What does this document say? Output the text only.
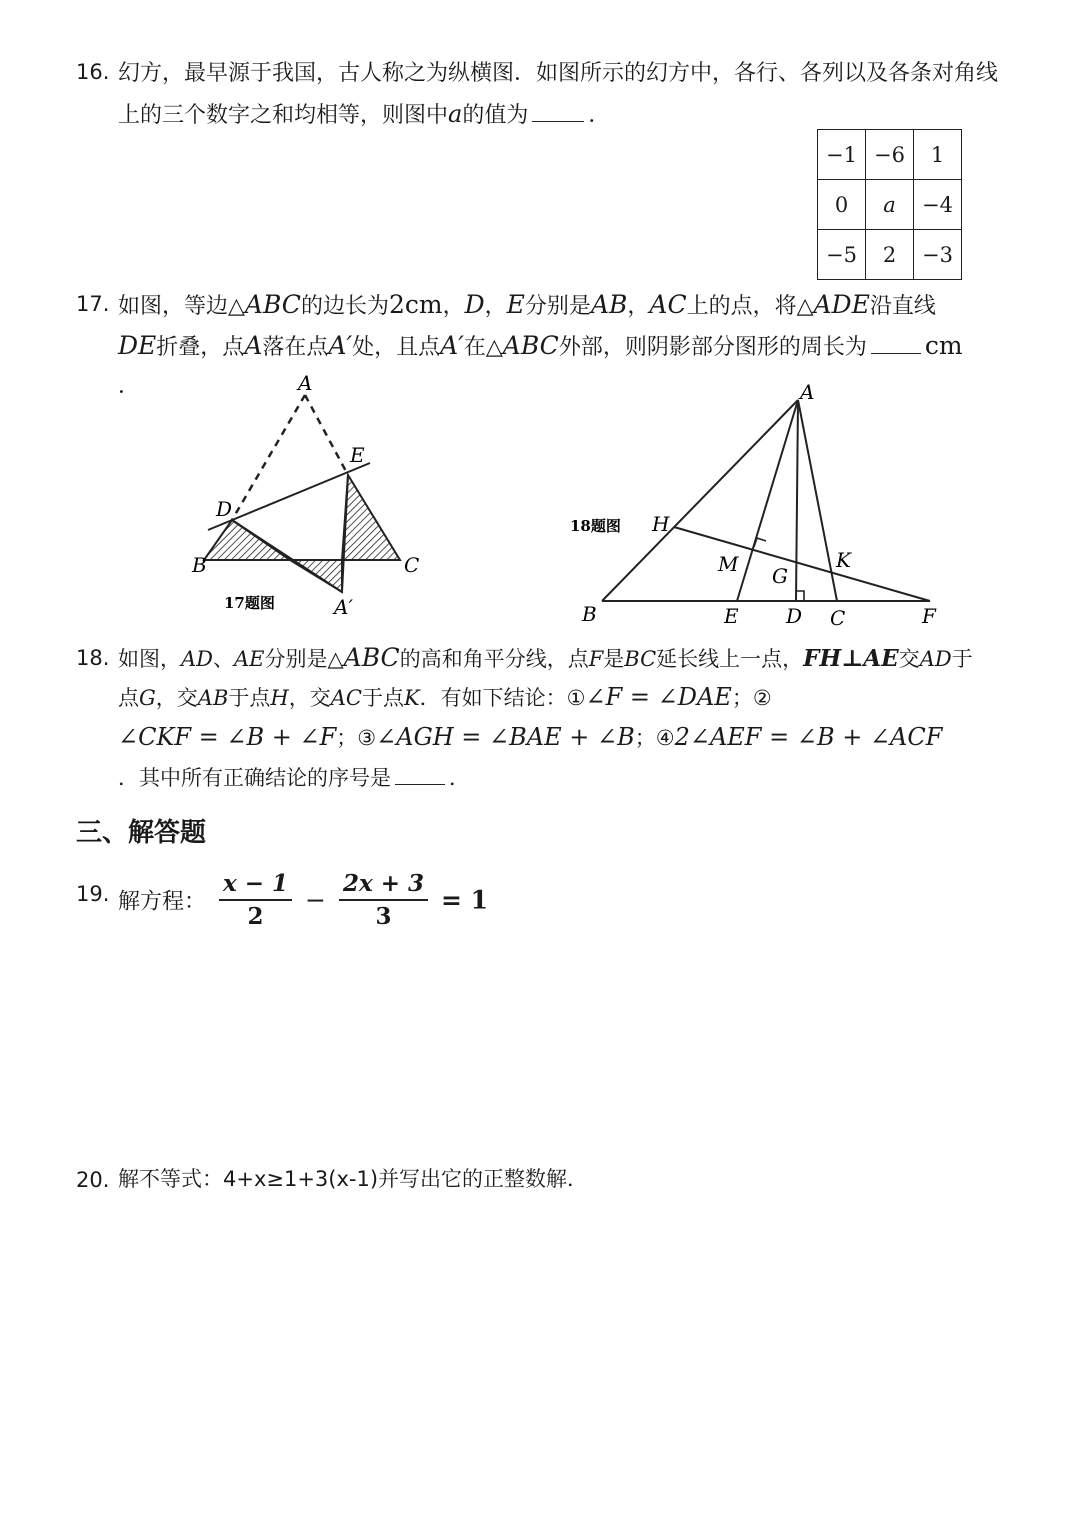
16. 幻方，最早源于我国，古人称之为纵横图．如图所示的幻方中，各行、各列以及各条对角线
上的三个数字之和均相等，则图中a的值为	．
−1	−6	1
0	a	−4
−5	2	−3
17. 如图，等边△ABC的边长为2cm，D，E分别是AB，AC上的点，将△ADE沿直线
DE折叠，点A落在点A′处，且点A′在△ABC外部，则阴影部分图形的周长为 cm
．	A
E
D
B	C
A′
17题图
A
H
M G
K
B	E D C	F
18题图
18. 如图，AD、AE分别是△ABC的高和角平分线，点F是BC延长线上一点，FH⊥AE交AD于
点G，交AB于点H，交AC于点K．有如下结论：①∠F = ∠DAE；②
∠CKF = ∠B + ∠F；③∠AGH = ∠BAE + ∠B；④2∠AEF = ∠B + ∠ACF
．其中所有正确结论的序号是	．
三、解答题
19. 解方程： $\frac{x - 1}{2} - \frac{2x + 3}{3} = 1$
20. 解不等式：4+x≥1+3(x-1)并写出它的正整数解．
